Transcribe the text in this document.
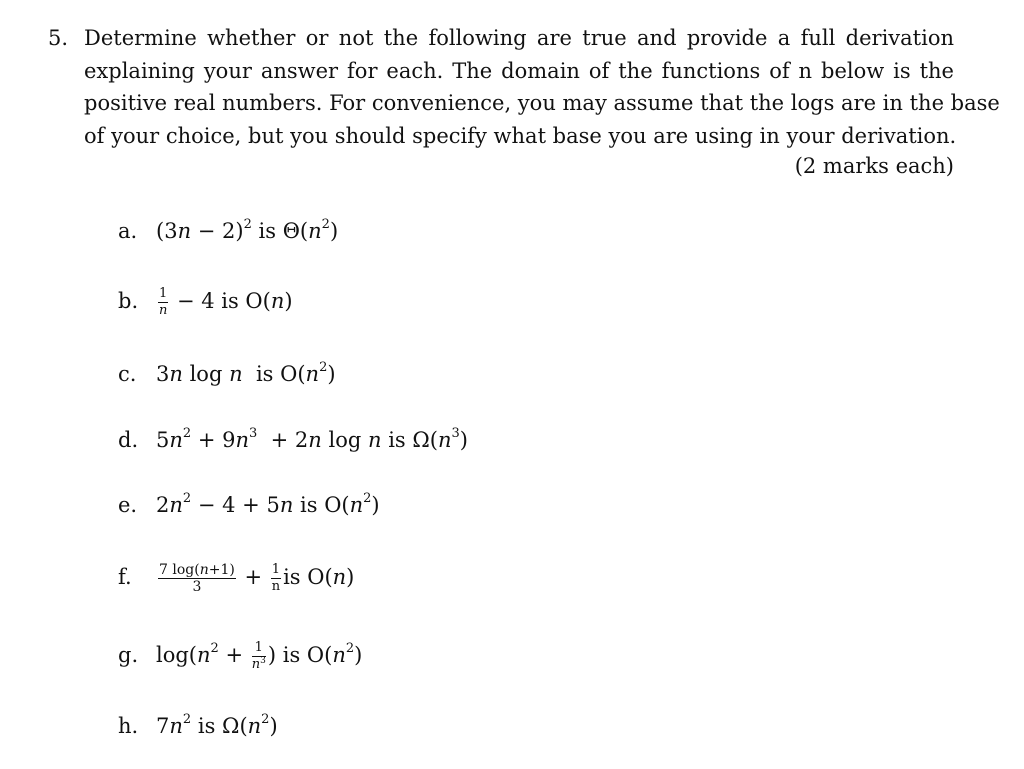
5. Determine whether or not the following are true and provide a full derivation
explaining your answer for each. The domain of the functions of n below is the
positive real numbers. For convenience, you may assume that the logs are in the base
of your choice, but you should specify what base you are using in your derivation.
(2 marks each)
a. $(3n - 2)^2$ is $\Theta(n^2)$
b. $\frac{1}{n} - 4$ is O(n)
c. 3n log n  is $O(n^2)$
d. $5n^2 + 9n^3 + 2n$ log n is $\Omega(n^3)$
e. $2n^2 - 4 + 5n$ is $O(n^2)$
f. $\frac{7 \log(n+1)}{3} + \frac{1}{n}$ is O(n)
g. $\log(n^2 + \frac{1}{n^3}$ ) is $O(n^2)$
h. $7n^2$ is $\Omega(n^2)$
